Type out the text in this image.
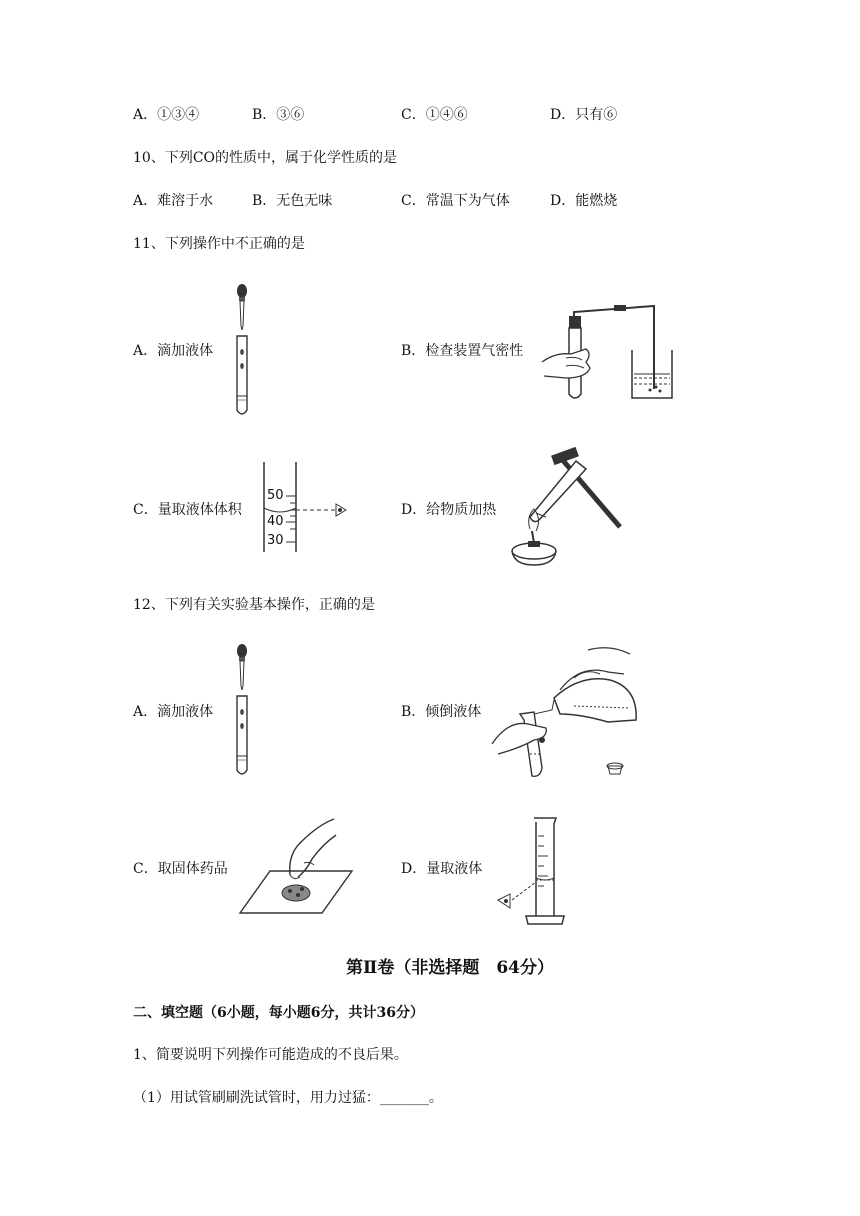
A．①③④	B．③⑥	C．①④⑥	D．只有⑥
10、下列CO的性质中，属于化学性质的是
A．难溶于水	B．无色无味	C．常温下为气体	D．能燃烧
11、下列操作中不正确的是
A．滴加液体	B．检查装置气密性
C．量取液体体积
50
40
30
D．给物质加热
12、下列有关实验基本操作，正确的是
A．滴加液体	B．倾倒液体
C．取固体药品	D．量取液体
第Ⅱ卷（非选择题　64分）
二、填空题（6小题，每小题6分，共计36分）
1、简要说明下列操作可能造成的不良后果。
（1）用试管刷刷洗试管时，用力过猛：_______。
